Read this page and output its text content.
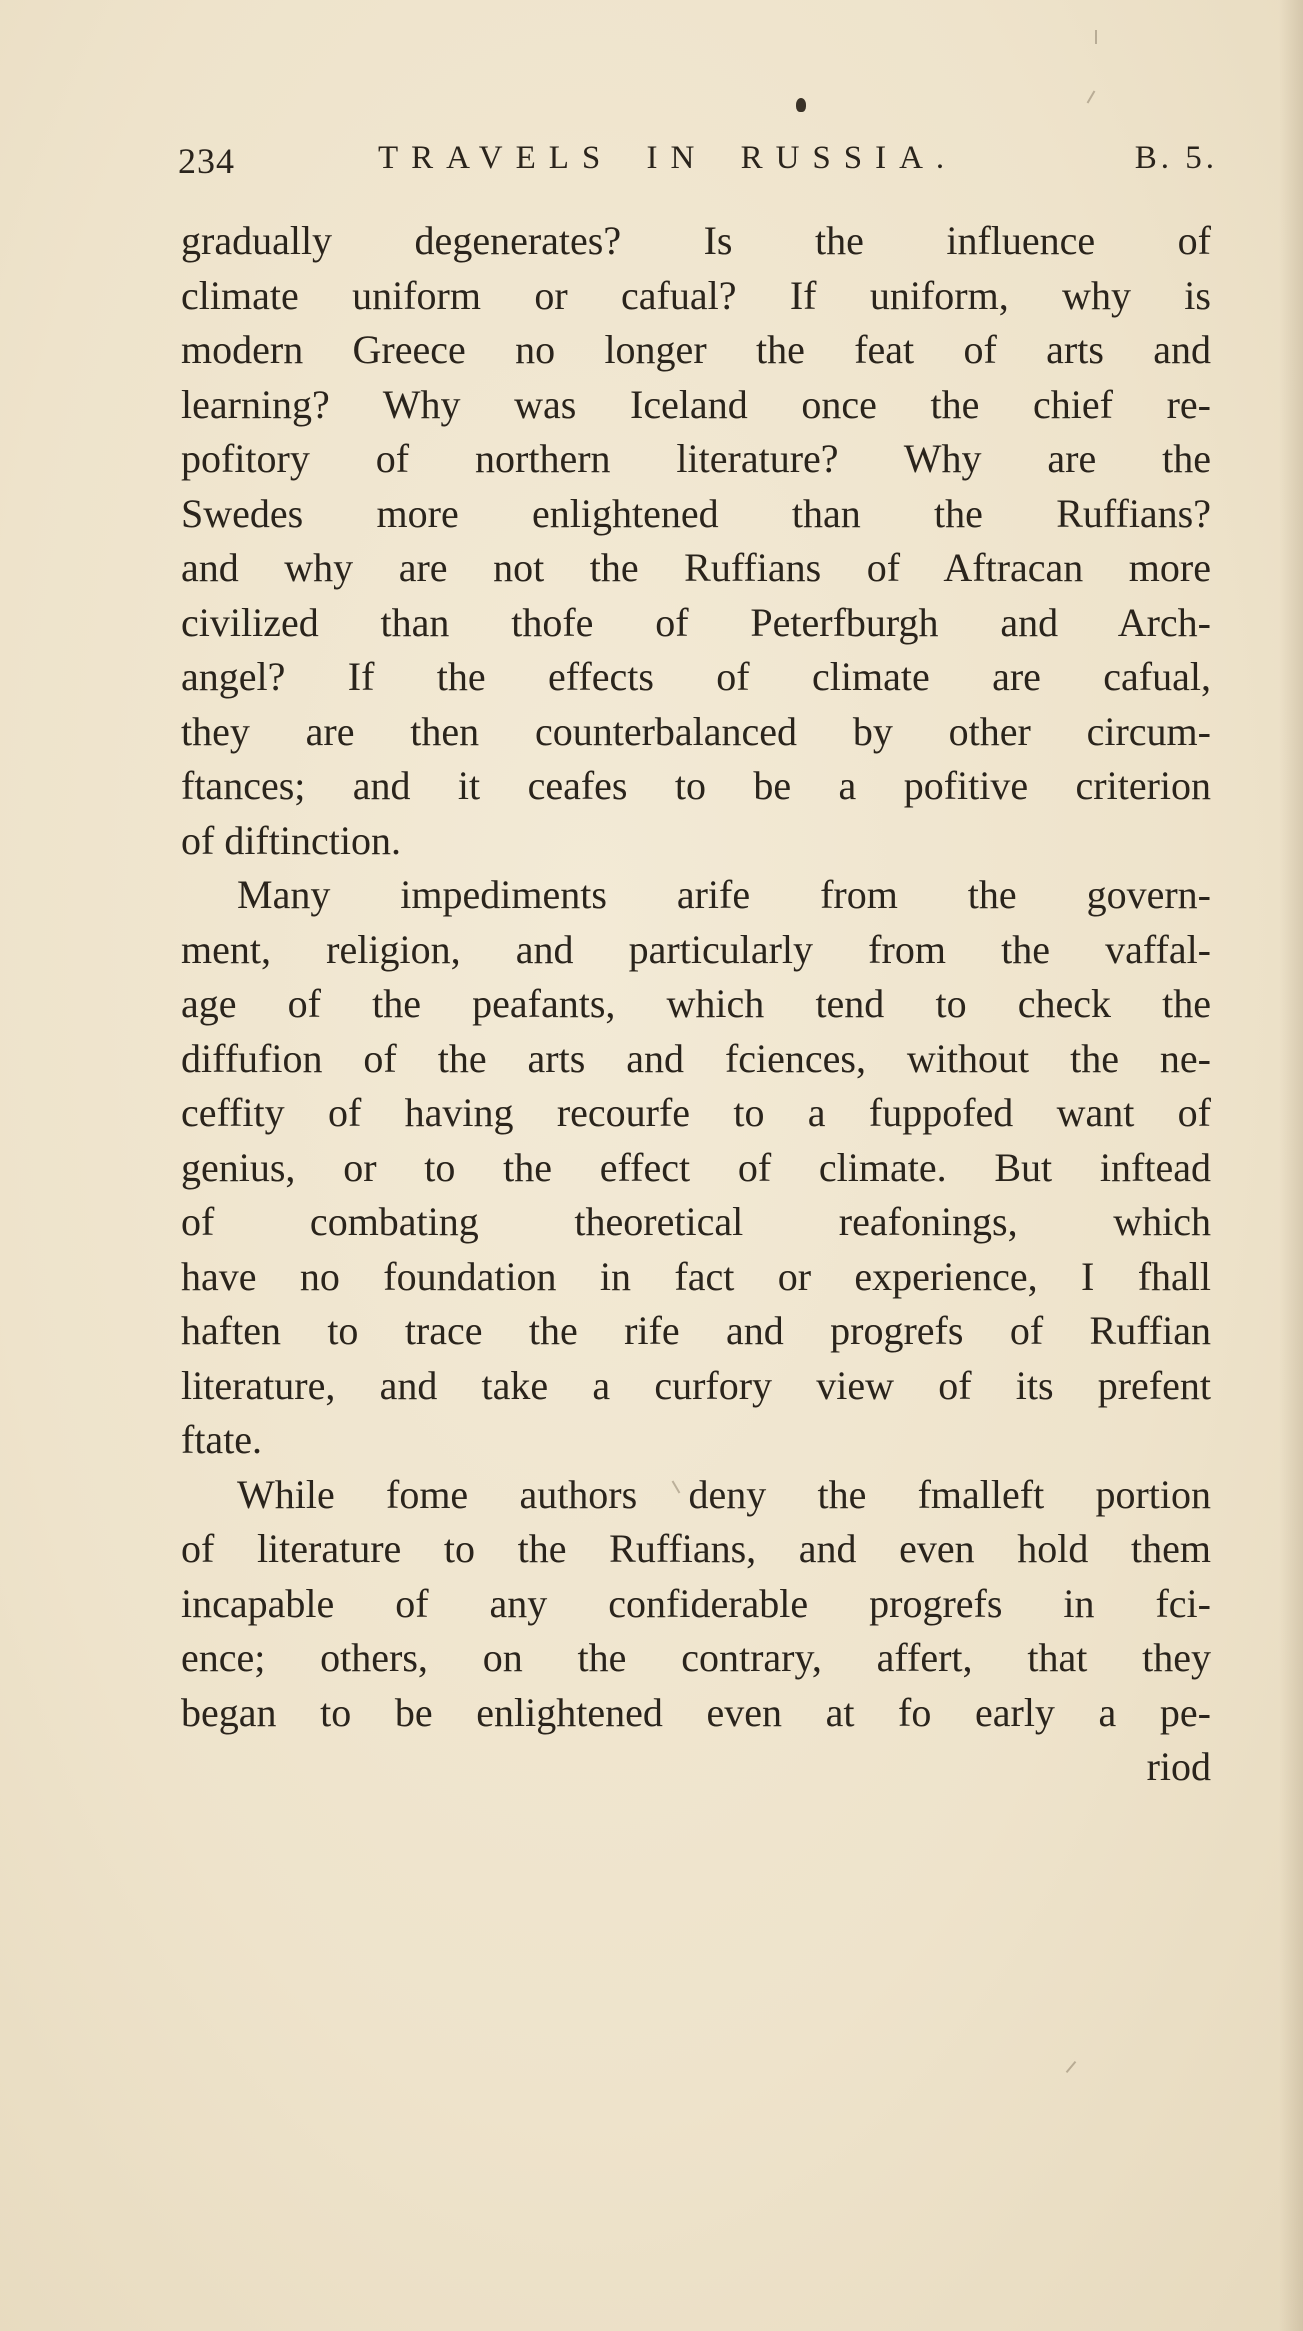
234	TRAVELS IN RUSSIA.	B. 5.
gradually degenerates? Is the influence of
climate uniform or cafual? If uniform, why is
modern Greece no longer the feat of arts and
learning? Why was Iceland once the chief re-
pofitory of northern literature? Why are the
Swedes more enlightened than the Ruffians?
and why are not the Ruffians of Aftracan more
civilized than thofe of Peterfburgh and Arch-
angel? If the effects of climate are cafual,
they are then counterbalanced by other circum-
ftances; and it ceafes to be a pofitive criterion
of diftinction.
Many impediments arife from the govern-
ment, religion, and particularly from the vaffal-
age of the peafants, which tend to check the
diffufion of the arts and fciences, without the ne-
ceffity of having recourfe to a fuppofed want of
genius, or to the effect of climate. But inftead
of combating theoretical reafonings, which
have no foundation in fact or experience, I fhall
haften to trace the rife and progrefs of Ruffian
literature, and take a curfory view of its prefent
ftate.
While fome authors deny the fmalleft portion
of literature to the Ruffians, and even hold them
incapable of any confiderable progrefs in fci-
ence; others, on the contrary, affert, that they
began to be enlightened even at fo early a pe-
riod
